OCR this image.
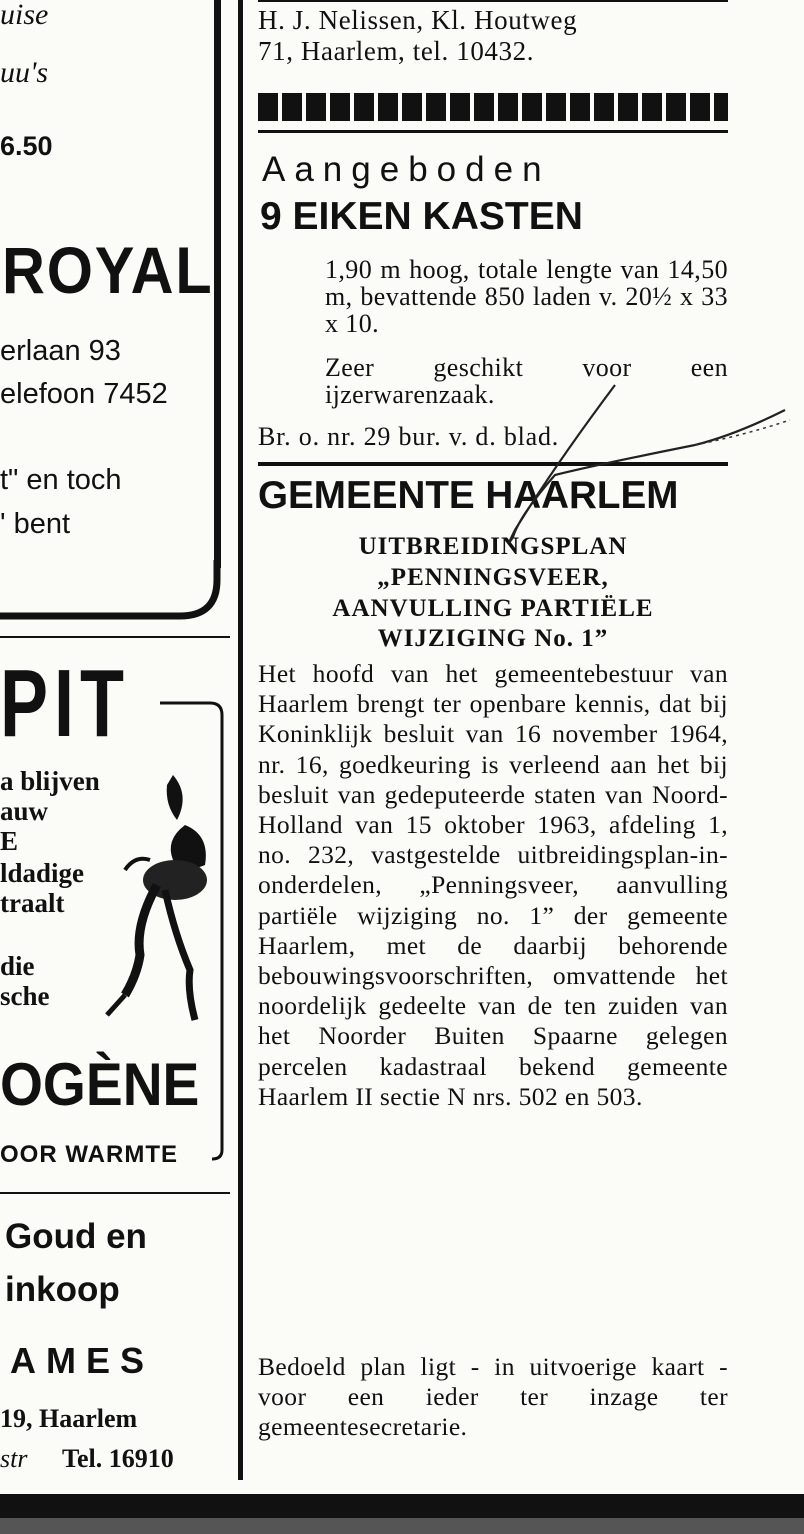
uise
uu's
6.50
ROYAL
erlaan 93
elefoon 7452
t" en toch
' bent
PIT
a blijven
auw
E
ldadige
traalt
die
sche
OGÈNE
OOR WARMTE
Goud en
inkoop
AMES
19, Haarlem
str Tel. 16910
H. J. Nelissen, Kl. Houtweg
71, Haarlem, tel. 10432.
Aangeboden
9 EIKEN KASTEN
1,90 m hoog, totale lengte van 14,50 m, bevattende 850 laden v. 20½ x 33 x 10.
Zeer geschikt voor een ijzerwarenzaak.
Br. o. nr. 29 bur. v. d. blad.
GEMEENTE HAARLEM
UITBREIDINGSPLAN
„PENNINGSVEER,
AANVULLING PARTIËLE
WIJZIGING No. 1”
Het hoofd van het gemeentebestuur van Haarlem brengt ter openbare kennis, dat bij Koninklijk besluit van 16 november 1964, nr. 16, goedkeuring is verleend aan het bij besluit van gedeputeerde staten van Noord-Holland van 15 oktober 1963, afdeling 1, no. 232, vastgestelde uitbreidingsplan-in-onderdelen, „Penningsveer, aanvulling partiële wijziging no. 1” der gemeente Haarlem, met de daarbij behorende bebouwingsvoorschriften, omvattende het noordelijk gedeelte van de ten zuiden van het Noorder Buiten Spaarne gelegen percelen kadastraal bekend gemeente Haarlem II sectie N nrs. 502 en 503.
Bedoeld plan ligt - in uitvoerige kaart - voor een ieder ter inzage ter gemeentesecretarie.
